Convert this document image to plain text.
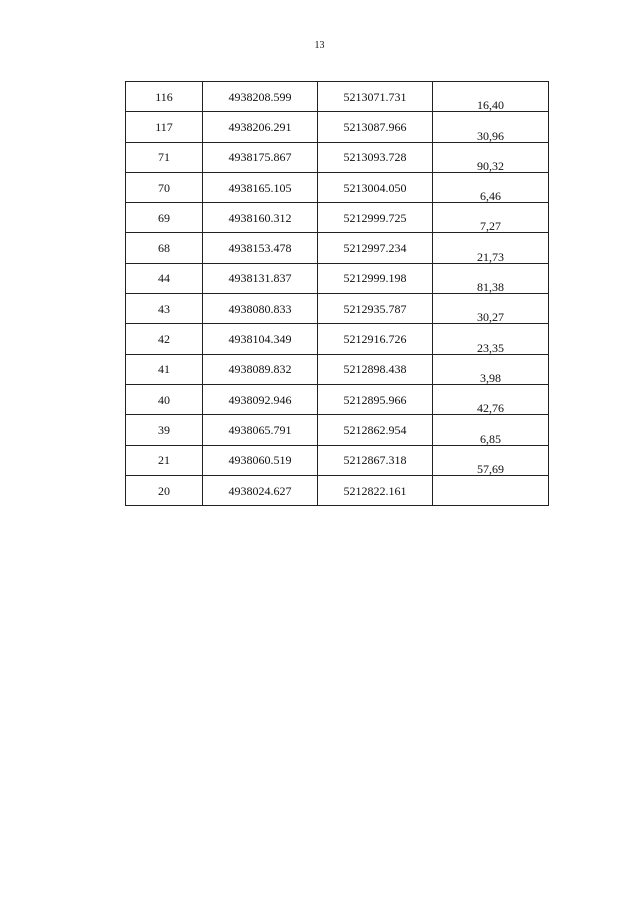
13
116	4938208.599	5213071.731	16,40
117	4938206.291	5213087.966	30,96
71	4938175.867	5213093.728	90,32
70	4938165.105	5213004.050	6,46
69	4938160.312	5212999.725	7,27
68	4938153.478	5212997.234	21,73
44	4938131.837	5212999.198	81,38
43	4938080.833	5212935.787	30,27
42	4938104.349	5212916.726	23,35
41	4938089.832	5212898.438	3,98
40	4938092.946	5212895.966	42,76
39	4938065.791	5212862.954	6,85
21	4938060.519	5212867.318	57,69
20	4938024.627	5212822.161	
